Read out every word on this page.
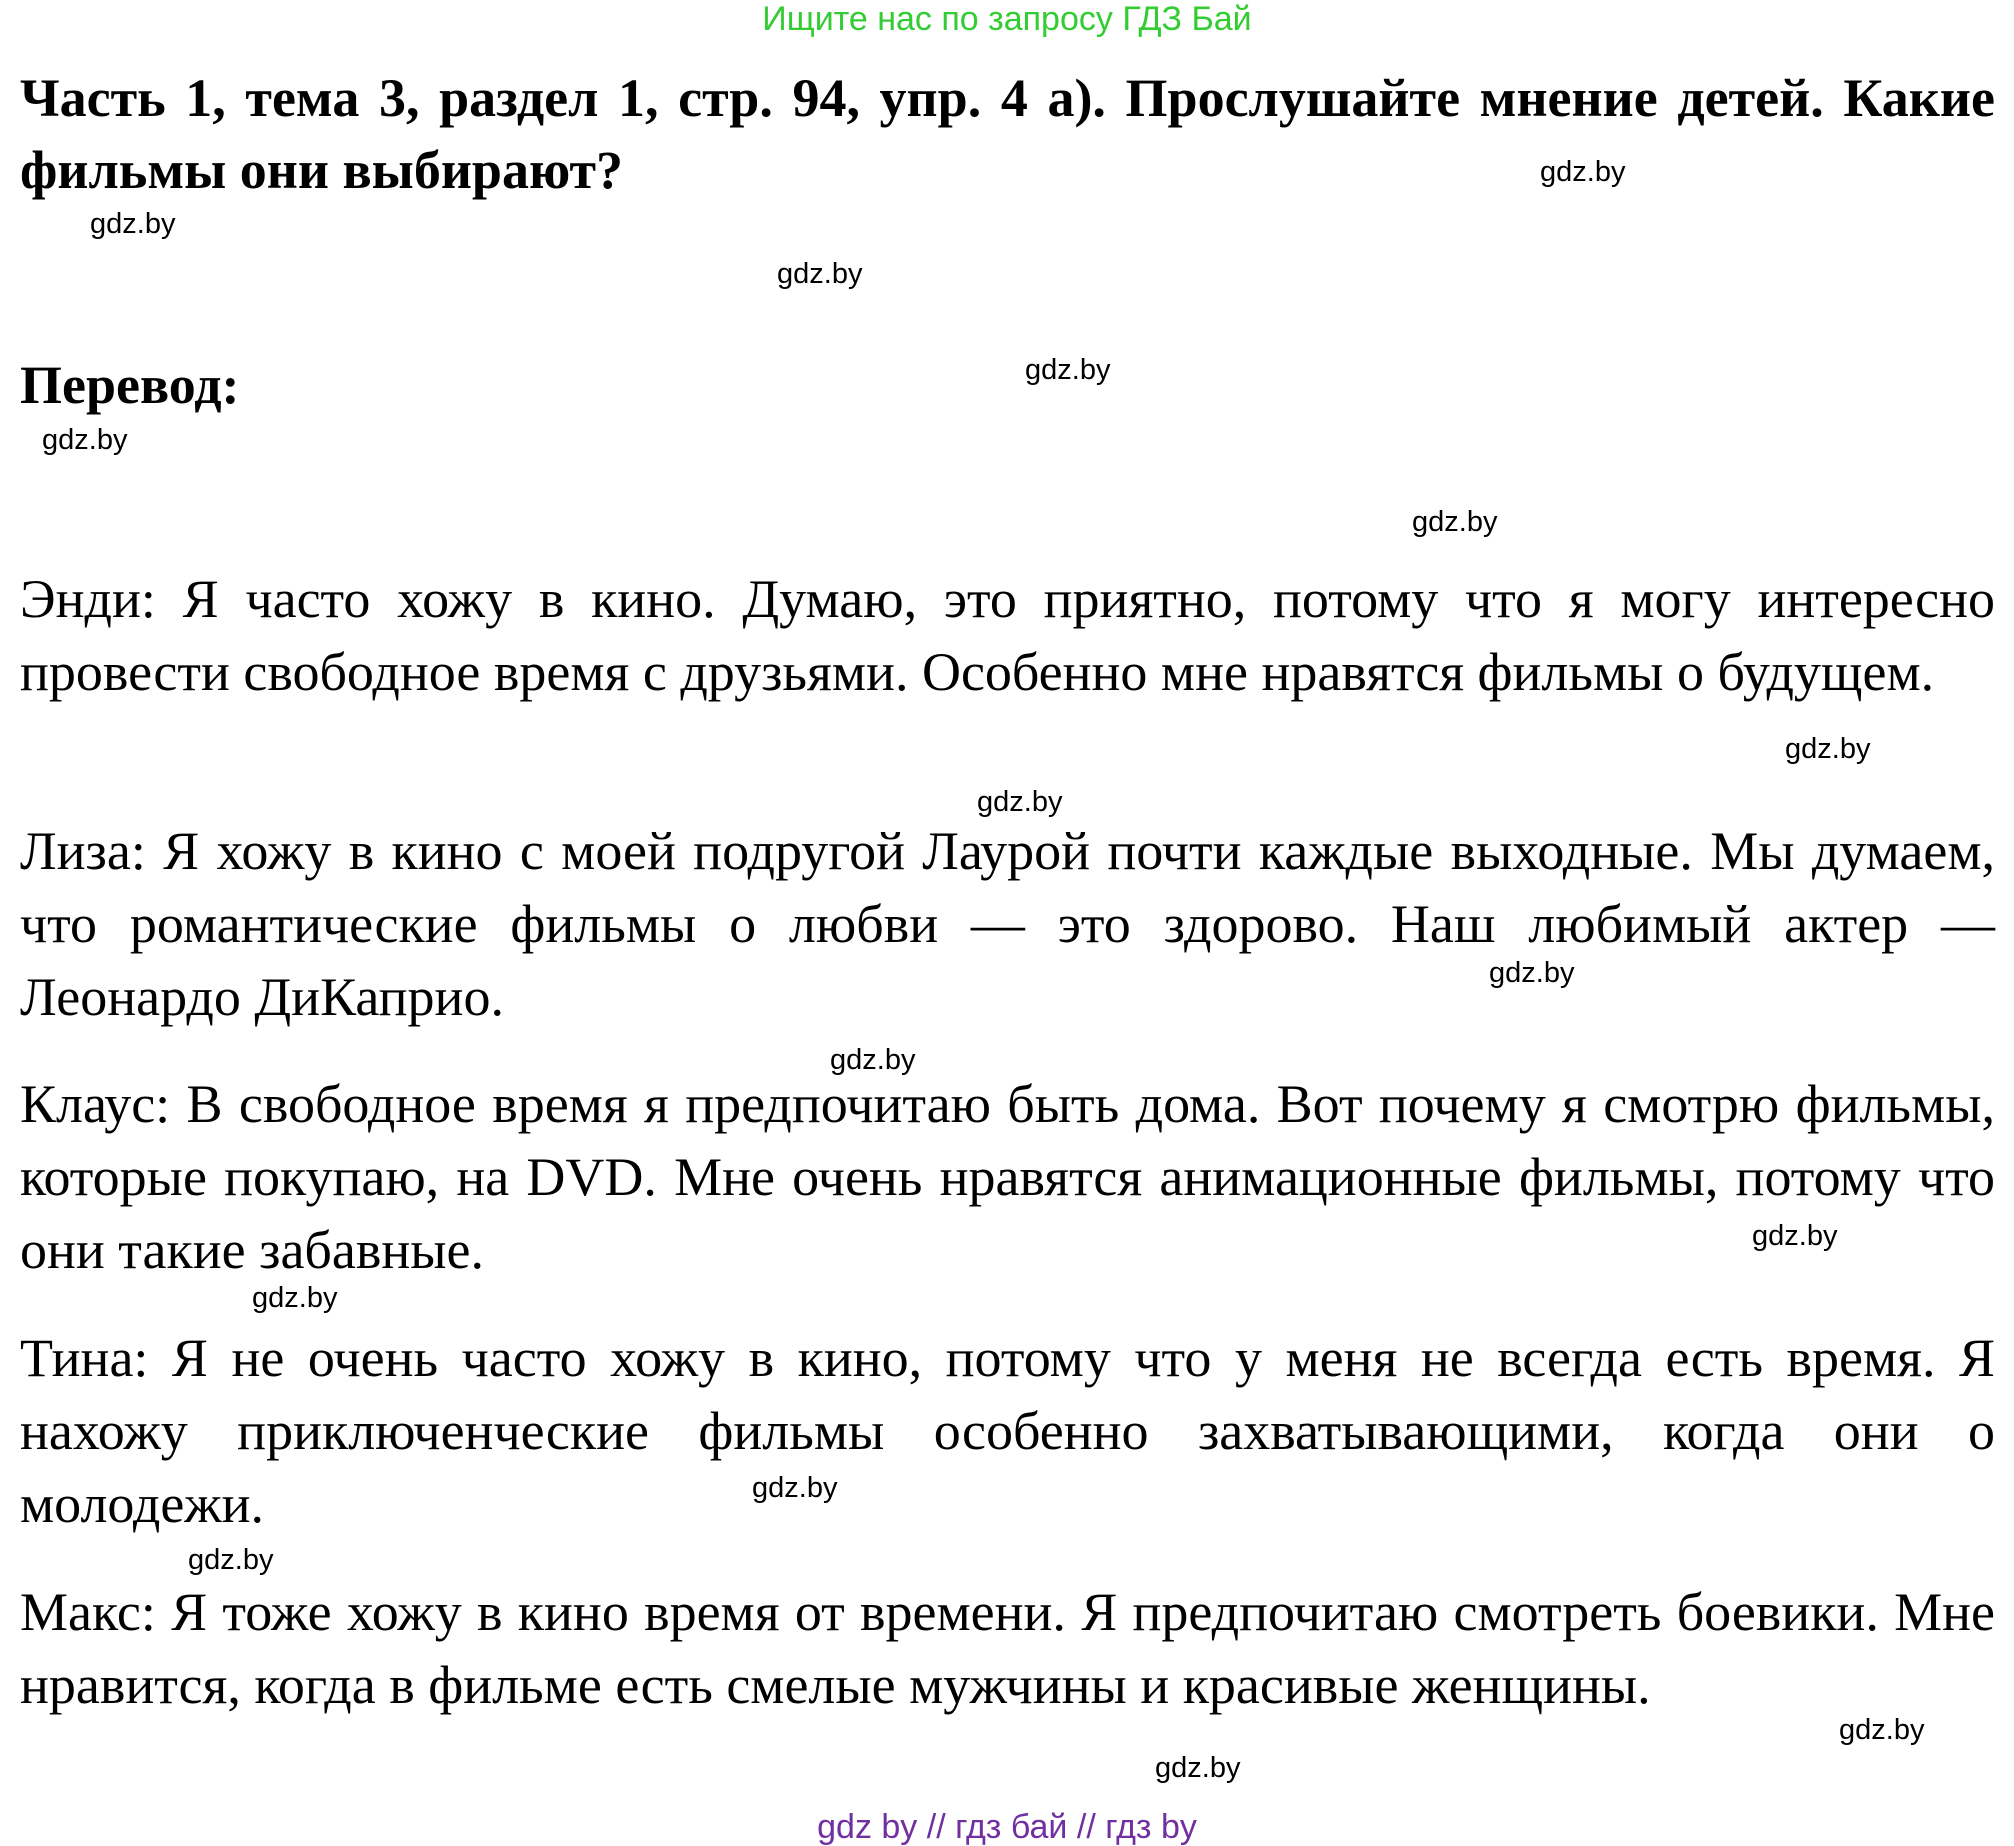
Ищите нас по запросу ГДЗ Бай

Часть 1, тема 3, раздел 1, стр. 94, упр. 4 а). Прослушайте мнение детей. Какие фильмы они выбирают?

Перевод:

Энди: Я часто хожу в кино. Думаю, это приятно, потому что я могу интересно провести свободное время с друзьями. Особенно мне нравятся фильмы о будущем.

Лиза: Я хожу в кино с моей подругой Лаурой почти каждые выходные. Мы думаем, что романтические фильмы о любви — это здорово. Наш любимый актер — Леонардо ДиКаприо.

Клаус: В свободное время я предпочитаю быть дома. Вот почему я смотрю фильмы, которые покупаю, на DVD. Мне очень нравятся анимационные фильмы, потому что они такие забавные.

Тина: Я не очень часто хожу в кино, потому что у меня не всегда есть время. Я нахожу приключенческие фильмы особенно захватывающими, когда они о молодежи.

Макс: Я тоже хожу в кино время от времени. Я предпочитаю смотреть боевики. Мне нравится, когда в фильме есть смелые мужчины и красивые женщины.

gdz.by
gdz.by
gdz.by
gdz.by
gdz.by
gdz.by
gdz.by
gdz.by
gdz.by
gdz.by
gdz.by
gdz.by
gdz.by
gdz.by
gdz.by
gdz.by
gdz by // гдз бай // гдз by
